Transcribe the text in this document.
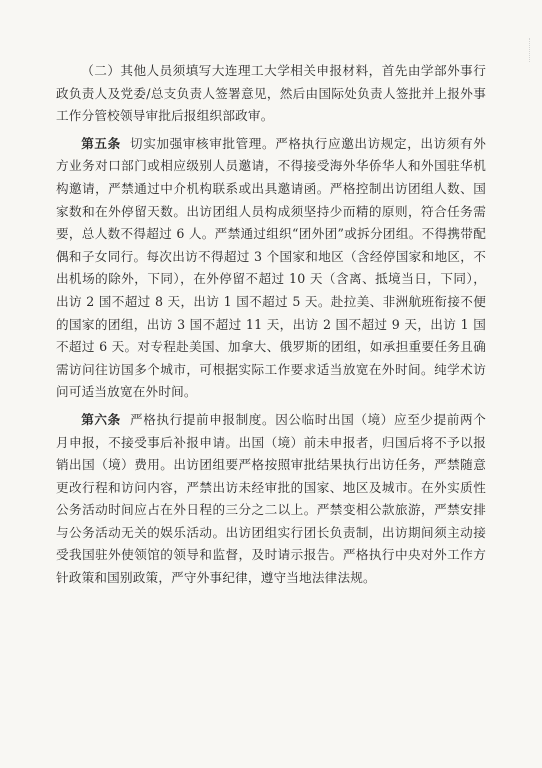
（二）其他人员须填写大连理工大学相关申报材料，首先由学部外事行政负责人及党委/总支负责人签署意见，然后由国际处负责人签批并上报外事工作分管校领导审批后报组织部政审。

第五条 切实加强审核审批管理。严格执行应邀出访规定，出访须有外方业务对口部门或相应级别人员邀请，不得接受海外华侨华人和外国驻华机构邀请，严禁通过中介机构联系或出具邀请函。严格控制出访团组人数、国家数和在外停留天数。出访团组人员构成须坚持少而精的原则，符合任务需要，总人数不得超过 6 人。严禁通过组织“团外团”或拆分团组。不得携带配偶和子女同行。每次出访不得超过 3 个国家和地区（含经停国家和地区，不出机场的除外，下同），在外停留不超过 10 天（含离、抵境当日，下同），出访 2 国不超过 8 天，出访 1 国不超过 5 天。赴拉美、非洲航班衔接不便的国家的团组，出访 3 国不超过 11 天，出访 2 国不超过 9 天，出访 1 国不超过 6 天。对专程赴美国、加拿大、俄罗斯的团组，如承担重要任务且确需访问往访国多个城市，可根据实际工作要求适当放宽在外时间。纯学术访问可适当放宽在外时间。

第六条 严格执行提前申报制度。因公临时出国（境）应至少提前两个月申报，不接受事后补报申请。出国（境）前未申报者，归国后将不予以报销出国（境）费用。出访团组要严格按照审批结果执行出访任务，严禁随意更改行程和访问内容，严禁出访未经审批的国家、地区及城市。在外实质性公务活动时间应占在外日程的三分之二以上。严禁变相公款旅游，严禁安排与公务活动无关的娱乐活动。出访团组实行团长负责制，出访期间须主动接受我国驻外使领馆的领导和监督，及时请示报告。严格执行中央对外工作方针政策和国别政策，严守外事纪律，遵守当地法律法规。
